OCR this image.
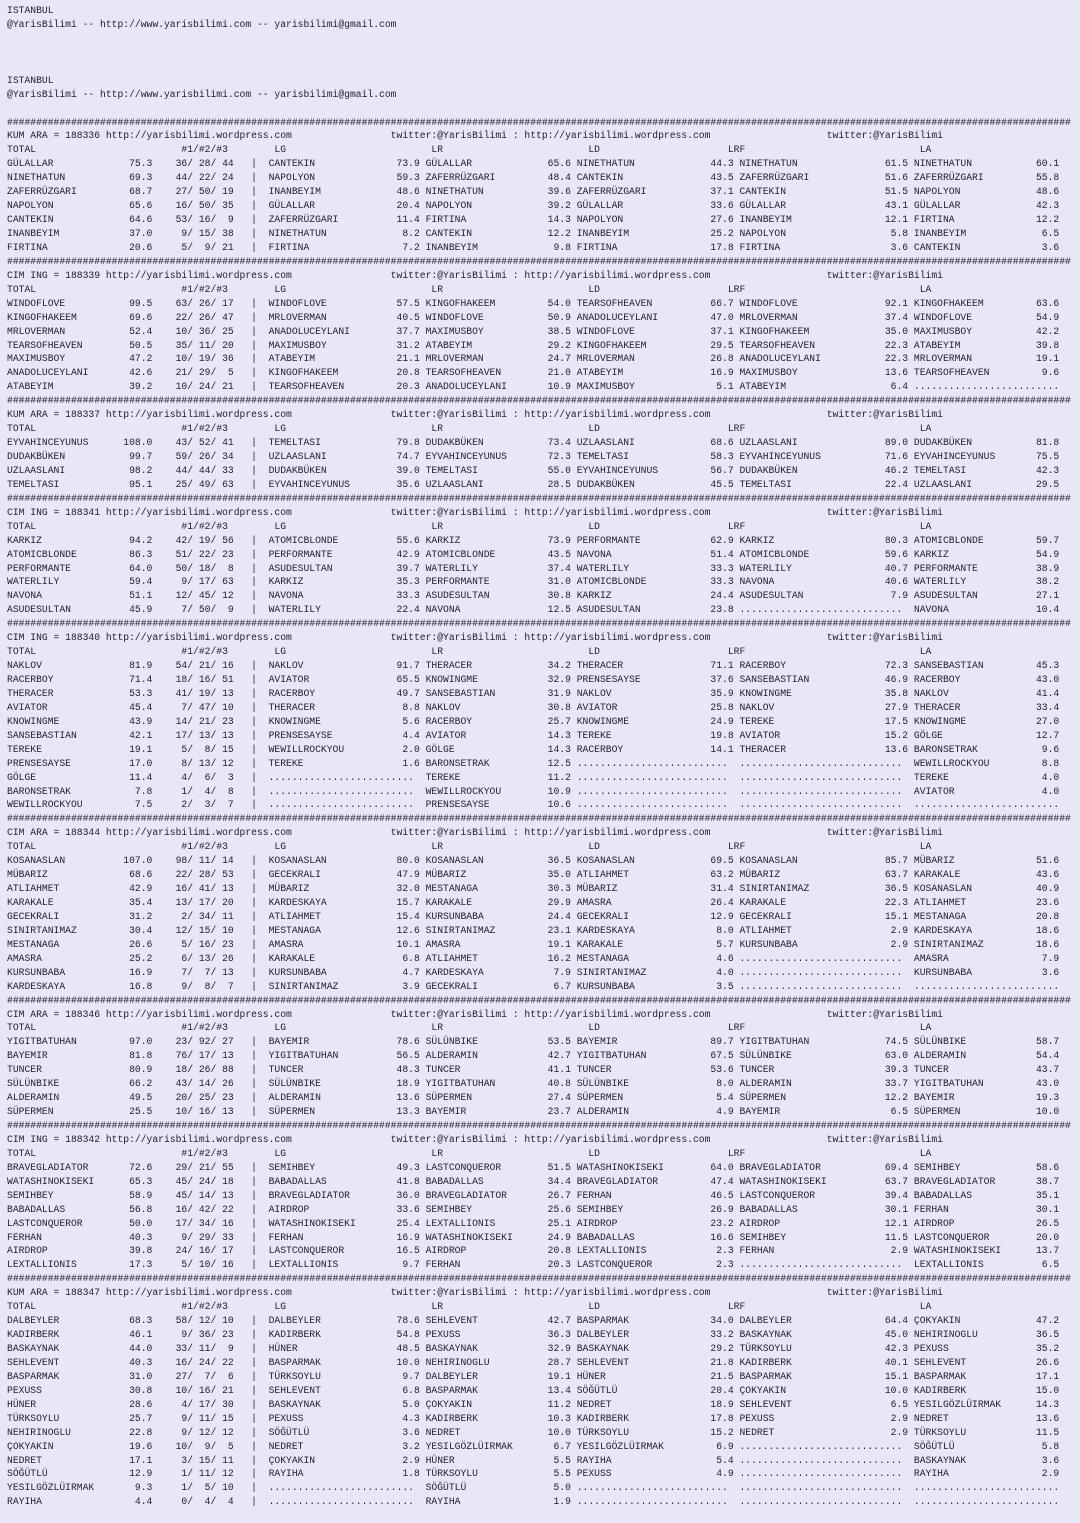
ISTANBUL
@YarisBilimi -- http://www.yarisbilimi.com -- yarisbilimi@gmail.com
ISTANBUL
@YarisBilimi -- http://www.yarisbilimi.com -- yarisbilimi@gmail.com
#######################################################################################################################################################################################
KUM ARA = 188336 http://yarisbilimi.wordpress.com                 twitter:@YarisBilimi : http://yarisbilimi.wordpress.com                    twitter:@YarisBilimi
TOTAL                         #1/#2/#3        LG                         LR                         LD                      LRF                              LA
GÜLALLAR             75.3    36/ 28/ 44   |  CANTEKIN              73.9 GÜLALLAR             65.6 NINETHATUN             44.3 NINETHATUN               61.5 NINETHATUN           60.1
NINETHATUN           69.3    44/ 22/ 24   |  NAPOLYON              59.3 ZAFERRÜZGARI         48.4 CANTEKIN               43.5 ZAFERRÜZGARI             51.6 ZAFERRÜZGARI         55.8
ZAFERRÜZGARI         68.7    27/ 50/ 19   |  INANBEYIM             48.6 NINETHATUN           39.6 ZAFERRÜZGARI           37.1 CANTEKIN                 51.5 NAPOLYON             48.6
NAPOLYON             65.6    16/ 50/ 35   |  GÜLALLAR              20.4 NAPOLYON             39.2 GÜLALLAR               33.6 GÜLALLAR                 43.1 GÜLALLAR             42.3
CANTEKIN             64.6    53/ 16/  9   |  ZAFERRÜZGARI          11.4 FIRTINA              14.3 NAPOLYON               27.6 INANBEYIM                12.1 FIRTINA              12.2
INANBEYIM            37.0     9/ 15/ 38   |  NINETHATUN             8.2 CANTEKIN             12.2 INANBEYIM              25.2 NAPOLYON                  5.8 INANBEYIM             6.5
FIRTINA              20.6     5/  9/ 21   |  FIRTINA                7.2 INANBEYIM             9.8 FIRTINA                17.8 FIRTINA                   3.6 CANTEKIN              3.6
#######################################################################################################################################################################################
CIM ING = 188339 http://yarisbilimi.wordpress.com                 twitter:@YarisBilimi : http://yarisbilimi.wordpress.com                    twitter:@YarisBilimi
TOTAL                         #1/#2/#3        LG                         LR                         LD                      LRF                              LA
WINDOFLOVE           99.5    63/ 26/ 17   |  WINDOFLOVE            57.5 KINGOFHAKEEM         54.0 TEARSOFHEAVEN          66.7 WINDOFLOVE               92.1 KINGOFHAKEEM         63.6
KINGOFHAKEEM         69.6    22/ 26/ 47   |  MRLOVERMAN            40.5 WINDOFLOVE           50.9 ANADOLUCEYLANI         47.0 MRLOVERMAN               37.4 WINDOFLOVE           54.9
MRLOVERMAN           52.4    10/ 36/ 25   |  ANADOLUCEYLANI        37.7 MAXIMUSBOY           38.5 WINDOFLOVE             37.1 KINGOFHAKEEM             35.0 MAXIMUSBOY           42.2
TEARSOFHEAVEN        50.5    35/ 11/ 20   |  MAXIMUSBOY            31.2 ATABEYIM             29.2 KINGOFHAKEEM           29.5 TEARSOFHEAVEN            22.3 ATABEYIM             39.8
MAXIMUSBOY           47.2    10/ 19/ 36   |  ATABEYIM              21.1 MRLOVERMAN           24.7 MRLOVERMAN             26.8 ANADOLUCEYLANI           22.3 MRLOVERMAN           19.1
ANADOLUCEYLANI       42.6    21/ 29/  5   |  KINGOFHAKEEM          20.8 TEARSOFHEAVEN        21.0 ATABEYIM               16.9 MAXIMUSBOY               13.6 TEARSOFHEAVEN         9.6
ATABEYIM             39.2    10/ 24/ 21   |  TEARSOFHEAVEN         20.3 ANADOLUCEYLANI       10.9 MAXIMUSBOY              5.1 ATABEYIM                  6.4 .........................
#######################################################################################################################################################################################
KUM ARA = 188337 http://yarisbilimi.wordpress.com                 twitter:@YarisBilimi : http://yarisbilimi.wordpress.com                    twitter:@YarisBilimi
TOTAL                         #1/#2/#3        LG                         LR                         LD                      LRF                              LA
EYVAHINCEYUNUS      108.0    43/ 52/ 41   |  TEMELTASI             79.8 DUDAKBÜKEN           73.4 UZLAASLANI             68.6 UZLAASLANI               89.0 DUDAKBÜKEN           81.8
DUDAKBÜKEN           99.7    59/ 26/ 34   |  UZLAASLANI            74.7 EYVAHINCEYUNUS       72.3 TEMELTASI              58.3 EYVAHINCEYUNUS           71.6 EYVAHINCEYUNUS       75.5
UZLAASLANI           98.2    44/ 44/ 33   |  DUDAKBÜKEN            39.0 TEMELTASI            55.0 EYVAHINCEYUNUS         56.7 DUDAKBÜKEN               46.2 TEMELTASI            42.3
TEMELTASI            95.1    25/ 49/ 63   |  EYVAHINCEYUNUS        35.6 UZLAASLANI           28.5 DUDAKBÜKEN             45.5 TEMELTASI                22.4 UZLAASLANI           29.5
#######################################################################################################################################################################################
CIM ING = 188341 http://yarisbilimi.wordpress.com                 twitter:@YarisBilimi : http://yarisbilimi.wordpress.com                    twitter:@YarisBilimi
TOTAL                         #1/#2/#3        LG                         LR                         LD                      LRF                              LA
KARKIZ               94.2    42/ 19/ 56   |  ATOMICBLONDE          55.6 KARKIZ               73.9 PERFORMANTE            62.9 KARKIZ                   80.3 ATOMICBLONDE         59.7
ATOMICBLONDE         86.3    51/ 22/ 23   |  PERFORMANTE           42.9 ATOMICBLONDE         43.5 NAVONA                 51.4 ATOMICBLONDE             59.6 KARKIZ               54.9
PERFORMANTE          64.0    50/ 18/  8   |  ASUDESULTAN           39.7 WATERLILY            37.4 WATERLILY              33.3 WATERLILY                40.7 PERFORMANTE          38.9
WATERLILY            59.4     9/ 17/ 63   |  KARKIZ                35.3 PERFORMANTE          31.0 ATOMICBLONDE           33.3 NAVONA                   40.6 WATERLILY            38.2
NAVONA               51.1    12/ 45/ 12   |  NAVONA                33.3 ASUDESULTAN          30.8 KARKIZ                 24.4 ASUDESULTAN               7.9 ASUDESULTAN          27.1
ASUDESULTAN          45.9     7/ 50/  9   |  WATERLILY             22.4 NAVONA               12.5 ASUDESULTAN            23.8 ............................  NAVONA               10.4
#######################################################################################################################################################################################
CIM ING = 188340 http://yarisbilimi.wordpress.com                 twitter:@YarisBilimi : http://yarisbilimi.wordpress.com                    twitter:@YarisBilimi
TOTAL                         #1/#2/#3        LG                         LR                         LD                      LRF                              LA
NAKLOV               81.9    54/ 21/ 16   |  NAKLOV                91.7 THERACER             34.2 THERACER               71.1 RACERBOY                 72.3 SANSEBASTIAN         45.3
RACERBOY             71.4    18/ 16/ 51   |  AVIATOR               65.5 KNOWINGME            32.9 PRENSESAYSE            37.6 SANSEBASTIAN             46.9 RACERBOY             43.0
THERACER             53.3    41/ 19/ 13   |  RACERBOY              49.7 SANSEBASTIAN         31.9 NAKLOV                 35.9 KNOWINGME                35.8 NAKLOV               41.4
AVIATOR              45.4     7/ 47/ 10   |  THERACER               8.8 NAKLOV               30.8 AVIATOR                25.8 NAKLOV                   27.9 THERACER             33.4
KNOWINGME            43.9    14/ 21/ 23   |  KNOWINGME              5.6 RACERBOY             25.7 KNOWINGME              24.9 TEREKE                   17.5 KNOWINGME            27.0
SANSEBASTIAN         42.1    17/ 13/ 13   |  PRENSESAYSE            4.4 AVIATOR              14.3 TEREKE                 19.8 AVIATOR                  15.2 GÖLGE                12.7
TEREKE               19.1     5/  8/ 15   |  WEWILLROCKYOU          2.0 GÖLGE                14.3 RACERBOY               14.1 THERACER                 13.6 BARONSETRAK           9.6
PRENSESAYSE          17.0     8/ 13/ 12   |  TEREKE                 1.6 BARONSETRAK          12.5 ..........................  ............................  WEWILLROCKYOU         8.8
GÖLGE                11.4     4/  6/  3   |  .........................  TEREKE               11.2 ..........................  ............................  TEREKE                4.0
BARONSETRAK           7.8     1/  4/  8   |  .........................  WEWILLROCKYOU        10.9 ..........................  ............................  AVIATOR               4.0
WEWILLROCKYOU         7.5     2/  3/  7   |  .........................  PRENSESAYSE          10.6 ..........................  ............................  .........................
#######################################################################################################################################################################################
CIM ARA = 188344 http://yarisbilimi.wordpress.com                 twitter:@YarisBilimi : http://yarisbilimi.wordpress.com                    twitter:@YarisBilimi
TOTAL                         #1/#2/#3        LG                         LR                         LD                      LRF                              LA
KOSANASLAN          107.0    98/ 11/ 14   |  KOSANASLAN            80.0 KOSANASLAN           36.5 KOSANASLAN             69.5 KOSANASLAN               85.7 MÜBARIZ              51.6
MÜBARIZ              68.6    22/ 28/ 53   |  GECEKRALI             47.9 MÜBARIZ              35.0 ATLIAHMET              63.2 MÜBARIZ                  63.7 KARAKALE             43.6
ATLIAHMET            42.9    16/ 41/ 13   |  MÜBARIZ               32.0 MESTANAGA            30.3 MÜBARIZ                31.4 SINIRTANIMAZ             36.5 KOSANASLAN           40.9
KARAKALE             35.4    13/ 17/ 20   |  KARDESKAYA            15.7 KARAKALE             29.9 AMASRA                 26.4 KARAKALE                 22.3 ATLIAHMET            23.6
GECEKRALI            31.2     2/ 34/ 11   |  ATLIAHMET             15.4 KURSUNBABA           24.4 GECEKRALI              12.9 GECEKRALI                15.1 MESTANAGA            20.8
SINIRTANIMAZ         30.4    12/ 15/ 10   |  MESTANAGA             12.6 SINIRTANIMAZ         23.1 KARDESKAYA              8.0 ATLIAHMET                 2.9 KARDESKAYA           18.6
MESTANAGA            26.6     5/ 16/ 23   |  AMASRA                10.1 AMASRA               19.1 KARAKALE                5.7 KURSUNBABA                2.9 SINIRTANIMAZ         18.6
AMASRA               25.2     6/ 13/ 26   |  KARAKALE               6.8 ATLIAHMET            16.2 MESTANAGA               4.6 ............................  AMASRA                7.9
KURSUNBABA           16.9     7/  7/ 13   |  KURSUNBABA             4.7 KARDESKAYA            7.9 SINIRTANIMAZ            4.0 ............................  KURSUNBABA            3.6
KARDESKAYA           16.8     9/  8/  7   |  SINIRTANIMAZ           3.9 GECEKRALI             6.7 KURSUNBABA              3.5 ............................  .........................
#######################################################################################################################################################################################
CIM ARA = 188346 http://yarisbilimi.wordpress.com                 twitter:@YarisBilimi : http://yarisbilimi.wordpress.com                    twitter:@YarisBilimi
TOTAL                         #1/#2/#3        LG                         LR                         LD                      LRF                              LA
YIGITBATUHAN         97.0    23/ 92/ 27   |  BAYEMIR               78.6 SÜLÜNBIKE            53.5 BAYEMIR                89.7 YIGITBATUHAN             74.5 SÜLÜNBIKE            58.7
BAYEMIR              81.8    76/ 17/ 13   |  YIGITBATUHAN          56.5 ALDERAMIN            42.7 YIGITBATUHAN           67.5 SÜLÜNBIKE                63.0 ALDERAMIN            54.4
TUNCER               80.9    18/ 26/ 88   |  TUNCER                48.3 TUNCER               41.1 TUNCER                 53.6 TUNCER                   39.3 TUNCER               43.7
SÜLÜNBIKE            66.2    43/ 14/ 26   |  SÜLÜNBIKE             18.9 YIGITBATUHAN         40.8 SÜLÜNBIKE               8.0 ALDERAMIN                33.7 YIGITBATUHAN         43.0
ALDERAMIN            49.5    20/ 25/ 23   |  ALDERAMIN             13.6 SÜPERMEN             27.4 SÜPERMEN                5.4 SÜPERMEN                 12.2 BAYEMIR              19.3
SÜPERMEN             25.5    10/ 16/ 13   |  SÜPERMEN              13.3 BAYEMIR              23.7 ALDERAMIN               4.9 BAYEMIR                   6.5 SÜPERMEN             10.0
#######################################################################################################################################################################################
CIM ING = 188342 http://yarisbilimi.wordpress.com                 twitter:@YarisBilimi : http://yarisbilimi.wordpress.com                    twitter:@YarisBilimi
TOTAL                         #1/#2/#3        LG                         LR                         LD                      LRF                              LA
BRAVEGLADIATOR       72.6    29/ 21/ 55   |  SEMIHBEY              49.3 LASTCONQUEROR        51.5 WATASHINOKISEKI        64.0 BRAVEGLADIATOR           69.4 SEMIHBEY             58.6
WATASHINOKISEKI      65.3    45/ 24/ 18   |  BABADALLAS            41.8 BABADALLAS           34.4 BRAVEGLADIATOR         47.4 WATASHINOKISEKI          63.7 BRAVEGLADIATOR       38.7
SEMIHBEY             58.9    45/ 14/ 13   |  BRAVEGLADIATOR        36.0 BRAVEGLADIATOR       26.7 FERHAN                 46.5 LASTCONQUEROR            39.4 BABADALLAS           35.1
BABADALLAS           56.8    16/ 42/ 22   |  AIRDROP               33.6 SEMIHBEY             25.6 SEMIHBEY               26.9 BABADALLAS               30.1 FERHAN               30.1
LASTCONQUEROR        50.0    17/ 34/ 16   |  WATASHINOKISEKI       25.4 LEXTALLIONIS         25.1 AIRDROP                23.2 AIRDROP                  12.1 AIRDROP              26.5
FERHAN               40.3     9/ 29/ 33   |  FERHAN                16.9 WATASHINOKISEKI      24.9 BABADALLAS             16.6 SEMIHBEY                 11.5 LASTCONQUEROR        20.0
AIRDROP              39.8    24/ 16/ 17   |  LASTCONQUEROR         16.5 AIRDROP              20.8 LEXTALLIONIS            2.3 FERHAN                    2.9 WATASHINOKISEKI      13.7
LEXTALLIONIS         17.3     5/ 10/ 16   |  LEXTALLIONIS           9.7 FERHAN               20.3 LASTCONQUEROR           2.3 ............................  LEXTALLIONIS          6.5
#######################################################################################################################################################################################
KUM ARA = 188347 http://yarisbilimi.wordpress.com                 twitter:@YarisBilimi : http://yarisbilimi.wordpress.com                    twitter:@YarisBilimi
TOTAL                         #1/#2/#3        LG                         LR                         LD                      LRF                              LA
DALBEYLER            68.3    58/ 12/ 10   |  DALBEYLER             78.6 SEHLEVENT            42.7 BASPARMAK              34.0 DALBEYLER                64.4 ÇOKYAKIN             47.2
KADIRBERK            46.1     9/ 36/ 23   |  KADIRBERK             54.8 PEXUSS               36.3 DALBEYLER              33.2 BASKAYNAK                45.0 NEHIRINOGLU          36.5
BASKAYNAK            44.0    33/ 11/  9   |  HÜNER                 48.5 BASKAYNAK            32.9 BASKAYNAK              29.2 TÜRKSOYLU                42.3 PEXUSS               35.2
SEHLEVENT            40.3    16/ 24/ 22   |  BASPARMAK             10.0 NEHIRINOGLU          28.7 SEHLEVENT              21.8 KADIRBERK                40.1 SEHLEVENT            26.6
BASPARMAK            31.0    27/  7/  6   |  TÜRKSOYLU              9.7 DALBEYLER            19.1 HÜNER                  21.5 BASPARMAK                15.1 BASPARMAK            17.1
PEXUSS               30.8    10/ 16/ 21   |  SEHLEVENT              6.8 BASPARMAK            13.4 SÖĞÜTLÜ                20.4 ÇOKYAKIN                 10.0 KADIRBERK            15.0
HÜNER                28.6     4/ 17/ 30   |  BASKAYNAK              5.0 ÇOKYAKIN             11.2 NEDRET                 18.9 SEHLEVENT                 6.5 YESILGÖZLÜIRMAK      14.3
TÜRKSOYLU            25.7     9/ 11/ 15   |  PEXUSS                 4.3 KADIRBERK            10.3 KADIRBERK              17.8 PEXUSS                    2.9 NEDRET               13.6
NEHIRINOGLU          22.8     9/ 12/ 12   |  SÖĞÜTLÜ                3.6 NEDRET               10.0 TÜRKSOYLU              15.2 NEDRET                    2.9 TÜRKSOYLU            11.5
ÇOKYAKIN             19.6    10/  9/  5   |  NEDRET                 3.2 YESILGÖZLÜIRMAK       6.7 YESILGÖZLÜIRMAK         6.9 ............................  SÖĞÜTLÜ               5.8
NEDRET               17.1     3/ 15/ 11   |  ÇOKYAKIN               2.9 HÜNER                 5.5 RAYIHA                  5.4 ............................  BASKAYNAK             3.6
SÖĞÜTLÜ              12.9     1/ 11/ 12   |  RAYIHA                 1.8 TÜRKSOYLU             5.5 PEXUSS                  4.9 ............................  RAYIHA                2.9
YESILGÖZLÜIRMAK       9.3     1/  5/ 10   |  .........................  SÖĞÜTLÜ               5.0 ..........................  ............................  .........................
RAYIHA                4.4     0/  4/  4   |  .........................  RAYIHA                1.9 ..........................  ............................  .........................
